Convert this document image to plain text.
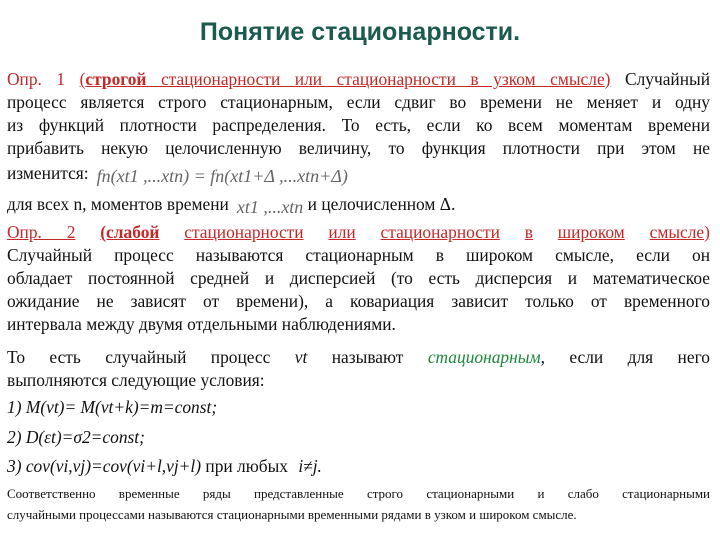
Понятие стационарности.

Опр. 1 (строгой стационарности или стационарности в узком смысле) Случайный

процесс является строго стационарным, если сдвиг во времени не меняет и одну

из функций плотности распределения. То есть, если ко всем моментам времени

прибавить некую целочисленную величину, то функция плотности при этом не

изменится: fn(xt1 ,...xtn) = fn(xt1+Δ ,...xtn+Δ)

для всех n, моментов времени xt1 ,...xtn и целочисленном Δ.

Опр. 2 (слабой стационарности или стационарности в широком смысле)

Случайный процесс называются стационарным в широком смысле, если он

обладает постоянной средней и дисперсией (то есть дисперсия и математическое

ожидание не зависят от времени), а ковариация зависит только от временного

интервала между двумя отдельными наблюдениями.

То есть случайный процесс vt называют стационарным, если для него

выполняются следующие условия:

1) M(vt)= M(vt+k)=m=const;

2) D(εt)=σ2=const;

3) cov(vi,vj)=cov(vi+l,vj+l) при любых i≠j.

Соответственно временные ряды представленные строго стационарными и слабо стационарными

случайными процессами называются стационарными временными рядами в узком и широком смысле.
